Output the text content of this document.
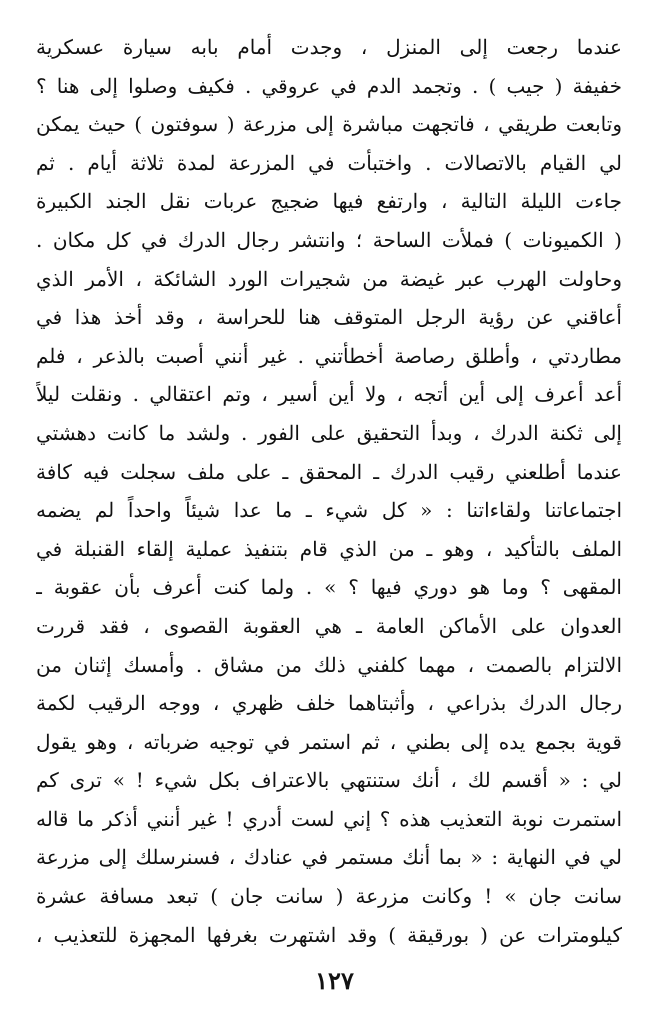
عندما رجعت إلى المنزل ، وجدت أمام بابه سيارة عسكرية
خفيفة ( جيب ) . وتجمد الدم في عروقي . فكيف وصلوا إلى هنا ؟
وتابعت طريقي ، فاتجهت مباشرة إلى مزرعة ( سوفتون ) حيث يمكن
لي القيام بالاتصالات . واختبأت في المزرعة لمدة ثلاثة أيام . ثم
جاءت الليلة التالية ، وارتفع فيها ضجيج عربات نقل الجند الكبيرة
( الكميونات ) فملأت الساحة ؛ وانتشر رجال الدرك في كل مكان .
وحاولت الهرب عبر غيضة من شجيرات الورد الشائكة ، الأمر الذي
أعاقني عن رؤية الرجل المتوقف هنا للحراسة ، وقد أخذ هذا في
مطاردتي ، وأطلق رصاصة أخطأتني . غير أنني أصبت بالذعر ، فلم
أعد أعرف إلى أين أتجه ، ولا أين أسير ، وتم اعتقالي . ونقلت ليلاً
إلى ثكنة الدرك ، وبدأ التحقيق على الفور . ولشد ما كانت دهشتي
عندما أطلعني رقيب الدرك ـ المحقق ـ على ملف سجلت فيه كافة
اجتماعاتنا ولقاءاتنا : « كل شيء ـ ما عدا شيئاً واحداً لم يضمه
الملف بالتأكيد ، وهو ـ من الذي قام بتنفيذ عملية إلقاء القنبلة في
المقهى ؟ وما هو دوري فيها ؟ » . ولما كنت أعرف بأن عقوبة ـ
العدوان على الأماكن العامة ـ هي العقوبة القصوى ، فقد قررت
الالتزام بالصمت ، مهما كلفني ذلك من مشاق . وأمسك إثنان من
رجال الدرك بذراعي ، وأثبتاهما خلف ظهري ، ووجه الرقيب لكمة
قوية بجمع يده إلى بطني ، ثم استمر في توجيه ضرباته ، وهو يقول
لي : « أقسم لك ، أنك ستنتهي بالاعتراف بكل شيء ! » ترى كم
استمرت نوبة التعذيب هذه ؟ إني لست أدري ! غير أنني أذكر ما قاله
لي في النهاية : « بما أنك مستمر في عنادك ، فسنرسلك إلى مزرعة
سانت جان » ! وكانت مزرعة ( سانت جان ) تبعد مسافة عشرة
كيلومترات عن ( بورقيقة ) وقد اشتهرت بغرفها المجهزة للتعذيب ،
١٢٧
